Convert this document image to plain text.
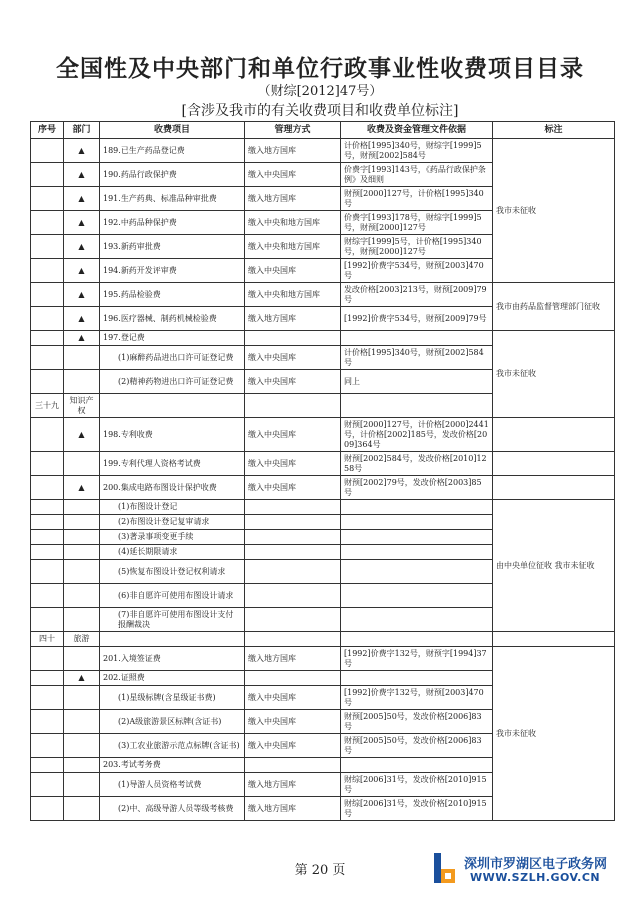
全国性及中央部门和单位行政事业性收费项目目录
（财综[2012]47号）
[含涉及我市的有关收费项目和收费单位标注]
序号	部门	收费项目	管理方式	收费及资金管理文件依据	标注
	▲	189.已生产药品登记费	缴入地方国库	计价格[1995]340号，财综字[1999]5号，财预[2002]584号	我市未征收
	▲	190.药品行政保护费	缴入中央国库	价费字[1993]143号，《药品行政保护条例》及细则	
	▲	191.生产药典、标准品种审批费	缴入地方国库	财预[2000]127号，计价格[1995]340号	
	▲	192.中药品种保护费	缴入中央和地方国库	价费字[1993]178号，财综字[1999]5号，财预[2000]127号	
	▲	193.新药审批费	缴入中央和地方国库	财综字[1999]5号，计价格[1995]340号，财预[2000]127号	
	▲	194.新药开发评审费	缴入中央国库	[1992]价费字534号，财预[2003]470号	
	▲	195.药品检验费	缴入中央和地方国库	发改价格[2003]213号，财预[2009]79号	我市由药品监督管理部门征收
	▲	196.医疗器械、制药机械检验费	缴入地方国库	[1992]价费字534号，财预[2009]79号	
	▲	197.登记费			我市未征收
		(1)麻醉药品进出口许可证登记费	缴入中央国库	计价格[1995]340号，财预[2002]584号	
		(2)精神药物进出口许可证登记费	缴入中央国库	同上	
三十九	知识产权				
	▲	198.专利收费	缴入中央国库	财预[2000]127号，计价格[2000]2441号，计价格[2002]185号，发改价格[2009]364号	
		199.专利代理人资格考试费	缴入中央国库	财预[2002]584号，发改价格[2010]1258号	
	▲	200.集成电路布图设计保护收费	缴入中央国库	财预[2002]79号，发改价格[2003]85号	
		(1)布图设计登记			由中央单位征收 我市未征收
		(2)布图设计登记复审请求			
		(3)著录事项变更手续			
		(4)延长期限请求			
		(5)恢复布图设计登记权利请求			
		(6)非自愿许可使用布图设计请求			
		(7)非自愿许可使用布图设计支付报酬裁决			
四十	旅游				
		201.入境签证费	缴入地方国库	[1992]价费字132号，财预字[1994]37号	我市未征收
	▲	202.证照费			
		(1)星级标牌(含星级证书费)	缴入中央国库	[1992]价费字132号，财预[2003]470号	
		(2)A级旅游景区标牌(含证书)	缴入中央国库	财预[2005]50号，发改价格[2006]83号	
		(3)工农业旅游示范点标牌(含证书)	缴入中央国库	财预[2005]50号，发改价格[2006]83号	
		203.考试考务费			
		(1)导游人员资格考试费	缴入地方国库	财综[2006]31号，发改价格[2010]915号	
		(2)中、高级导游人员等级考核费	缴入地方国库	财综[2006]31号，发改价格[2010]915号	
第 20 页	深圳市罗湖区电子政务网
WWW.SZLH.GOV.CN
